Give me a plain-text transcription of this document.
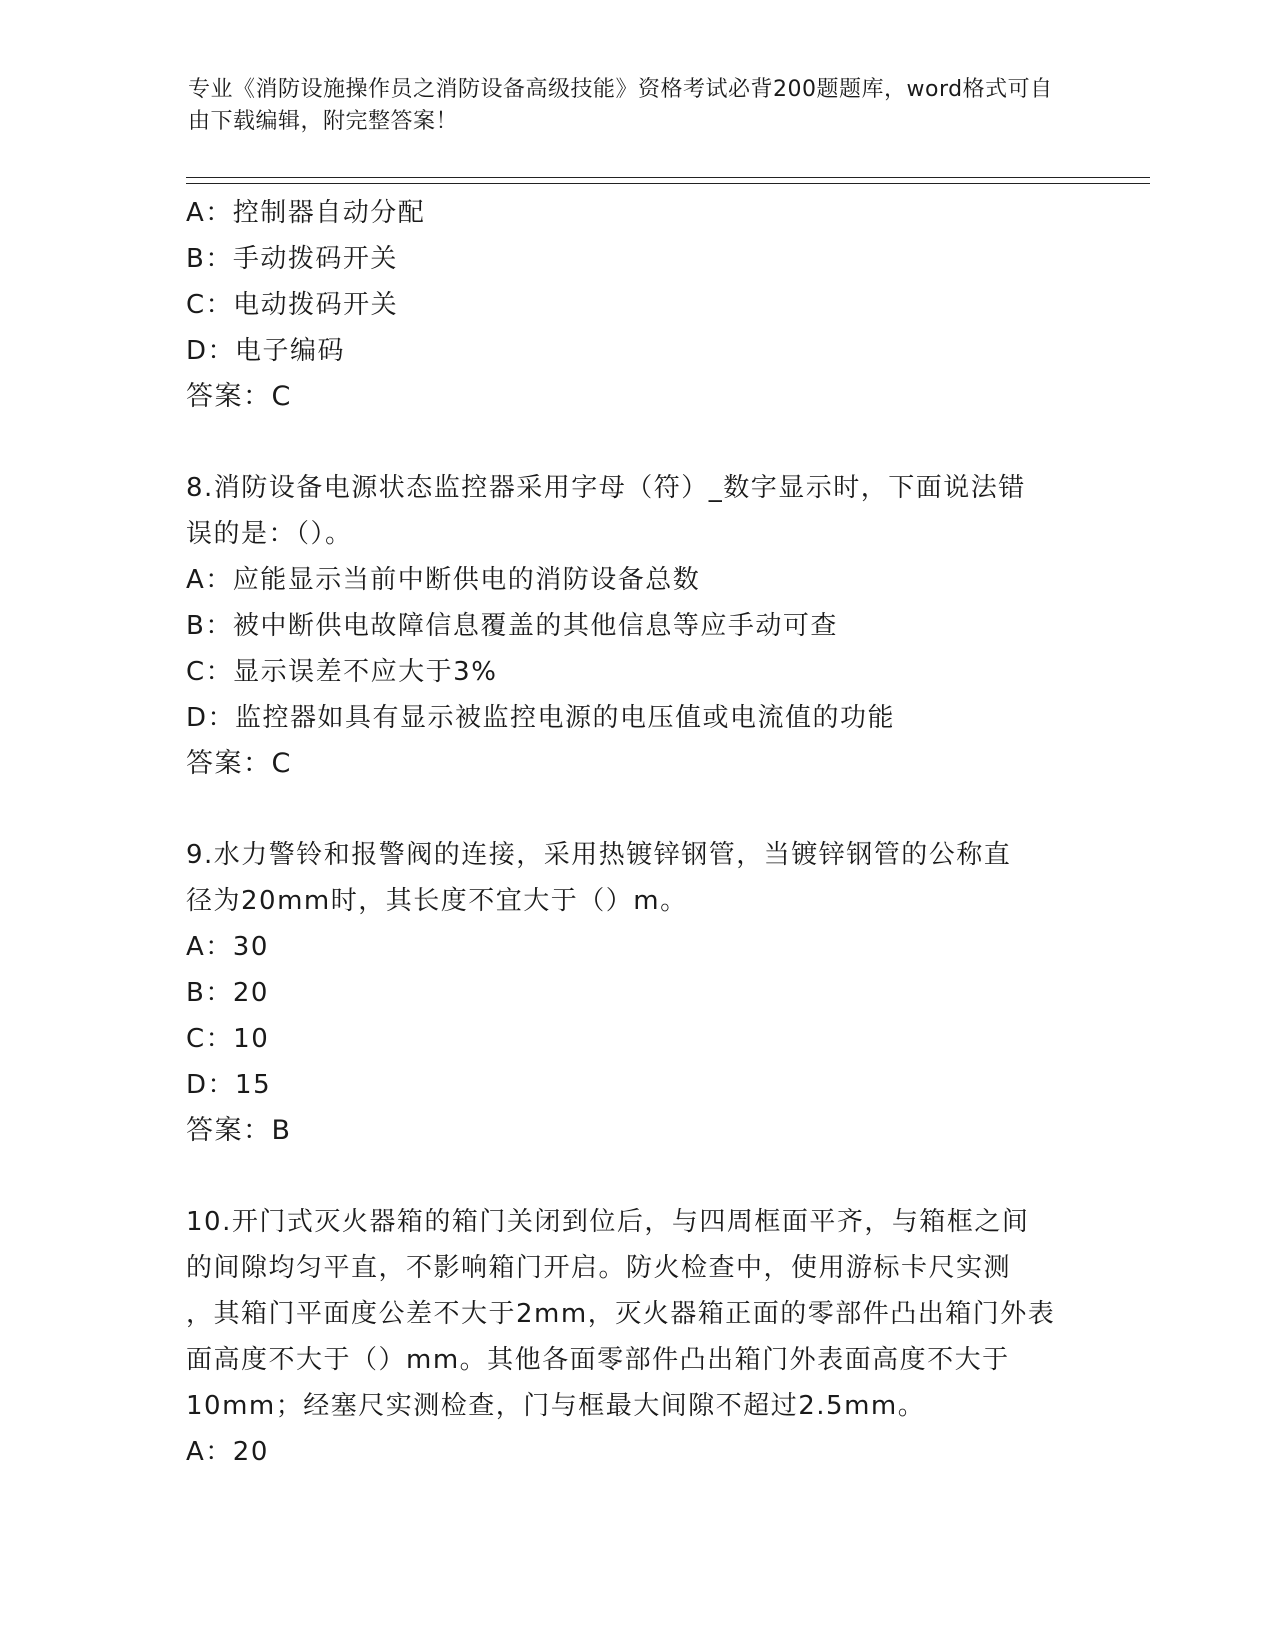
专业《消防设施操作员之消防设备高级技能》资格考试必背200题题库，word格式可自由下载编辑，附完整答案！
A：控制器自动分配
B：手动拨码开关
C：电动拨码开关
D：电子编码
答案：C
8.消防设备电源状态监控器采用字母（符）_数字显示时，下面说法错
误的是：（）。
A：应能显示当前中断供电的消防设备总数
B：被中断供电故障信息覆盖的其他信息等应手动可查
C：显示误差不应大于3%
D：监控器如具有显示被监控电源的电压值或电流值的功能
答案：C
9.水力警铃和报警阀的连接，采用热镀锌钢管，当镀锌钢管的公称直
径为20mm时，其长度不宜大于（）m。
A：30
B：20
C：10
D：15
答案：B
10.开门式灭火器箱的箱门关闭到位后，与四周框面平齐，与箱框之间
的间隙均匀平直，不影响箱门开启。防火检查中，使用游标卡尺实测
，其箱门平面度公差不大于2mm，灭火器箱正面的零部件凸出箱门外表
面高度不大于（）mm。其他各面零部件凸出箱门外表面高度不大于
10mm；经塞尺实测检查，门与框最大间隙不超过2.5mm。
A：20
